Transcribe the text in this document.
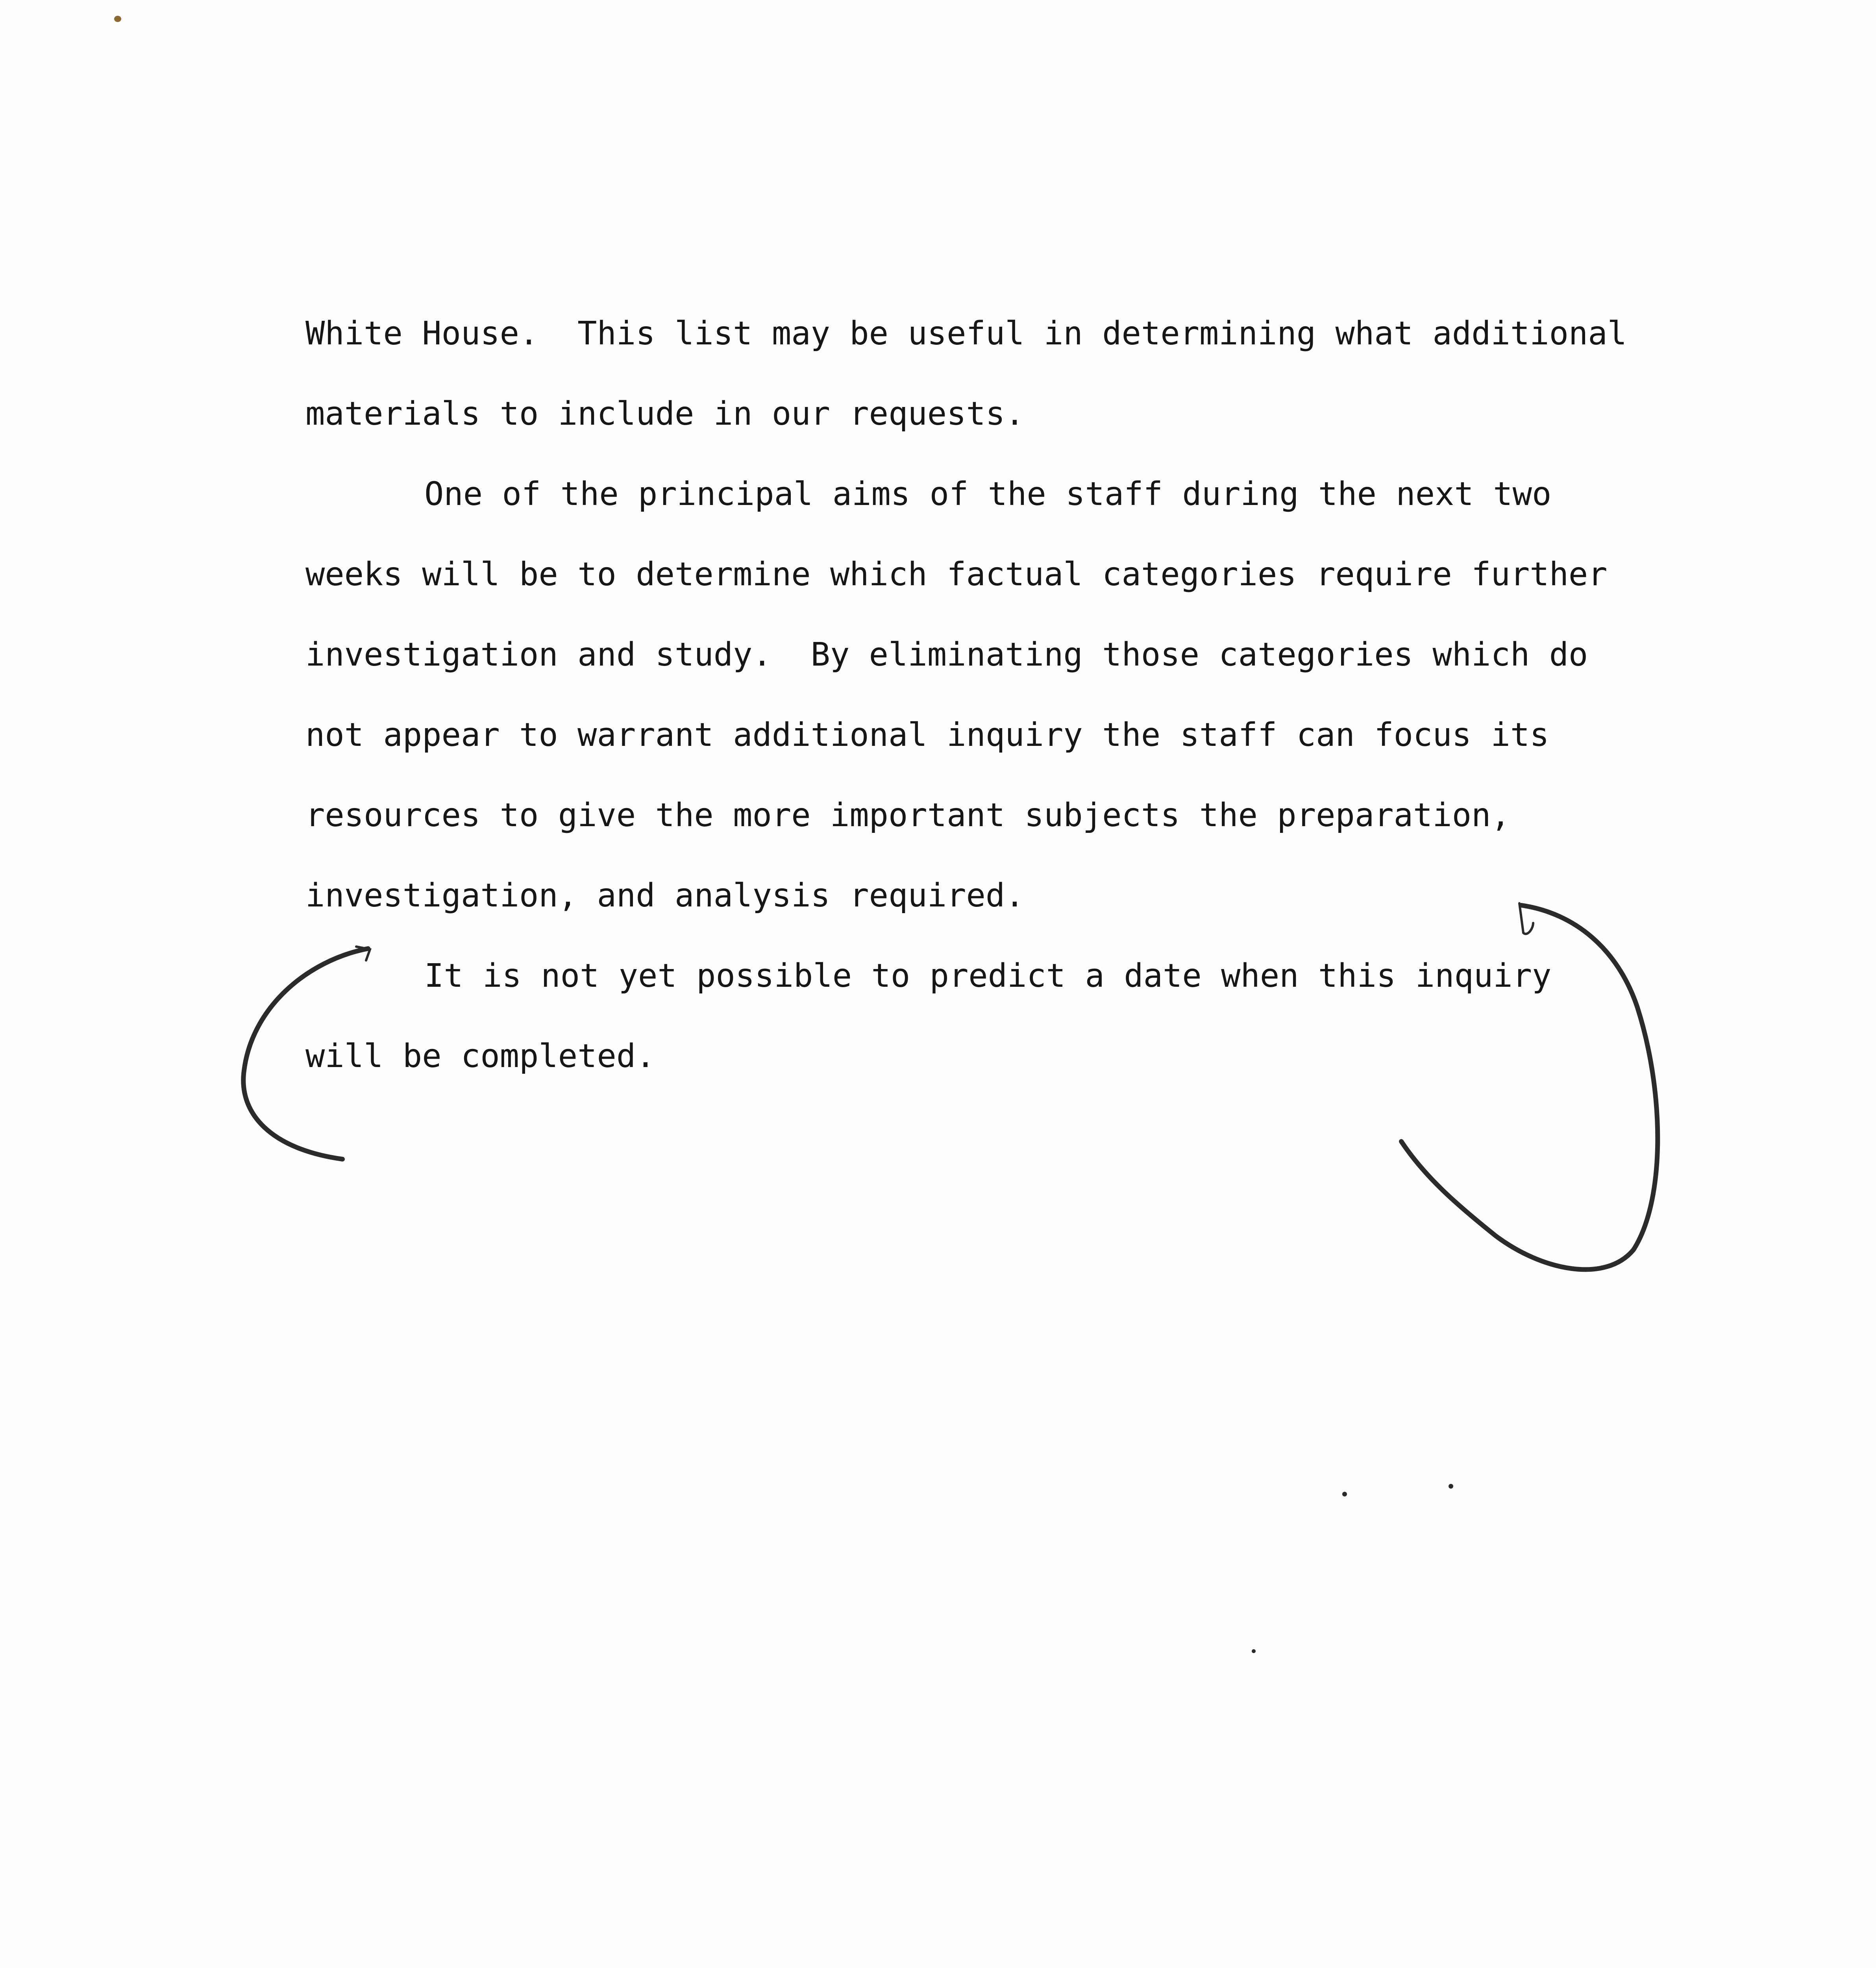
White House.  This list may be useful in determining what additional
materials to include in our requests.
One of the principal aims of the staff during the next two
weeks will be to determine which factual categories require further
investigation and study.  By eliminating those categories which do
not appear to warrant additional inquiry the staff can focus its
resources to give the more important subjects the preparation,
investigation, and analysis required.
It is not yet possible to predict a date when this inquiry
will be completed.
